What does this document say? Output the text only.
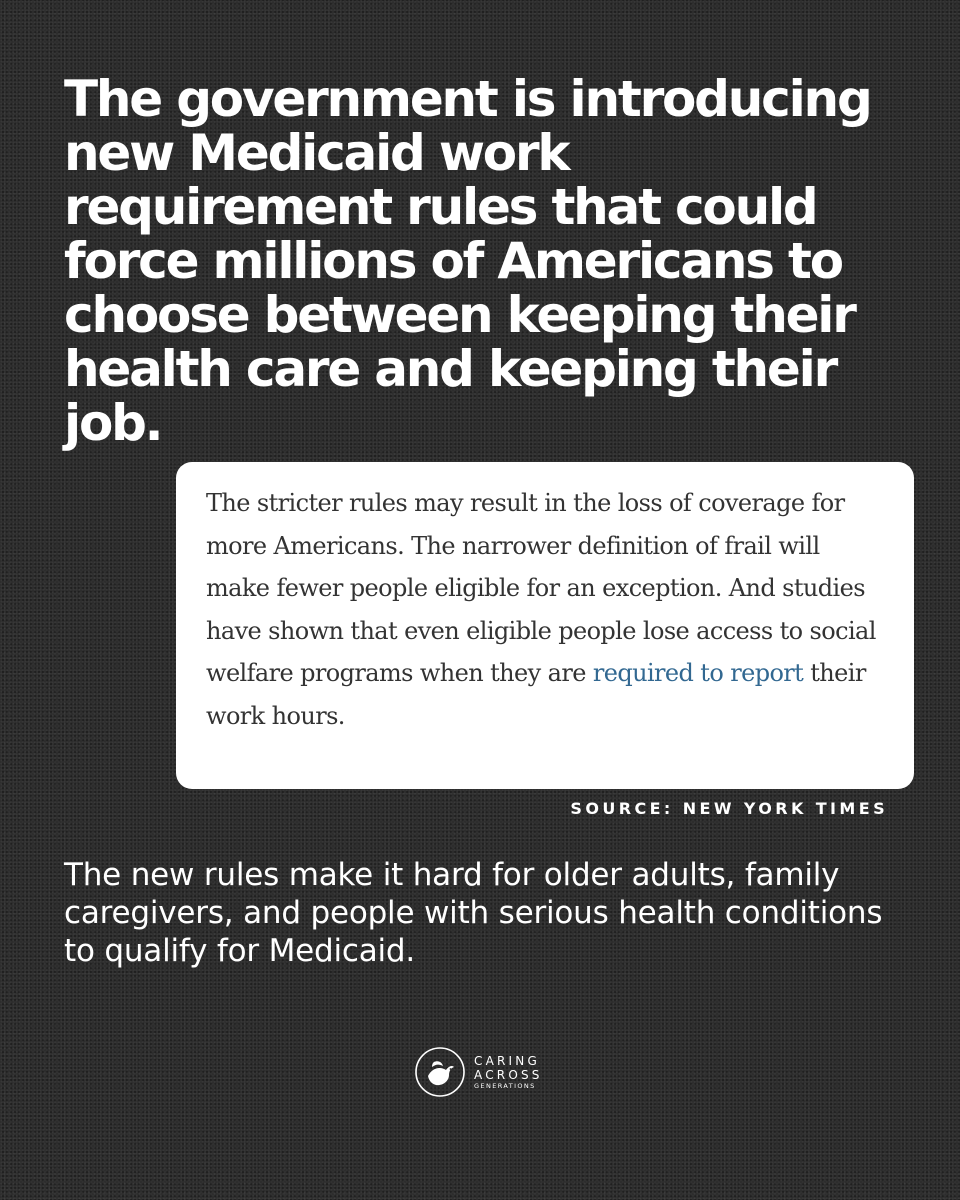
The government is introducing new Medicaid work requirement rules that could force millions of Americans to choose between keeping their health care and keeping their job.

The stricter rules may result in the loss of coverage for more Americans. The narrower definition of frail will make fewer people eligible for an exception. And studies have shown that even eligible people lose access to social welfare programs when they are required to report their work hours.

SOURCE: NEW YORK TIMES

The new rules make it hard for older adults, family caregivers, and people with serious health conditions to qualify for Medicaid.

CARING
ACROSS
GENERATIONS
